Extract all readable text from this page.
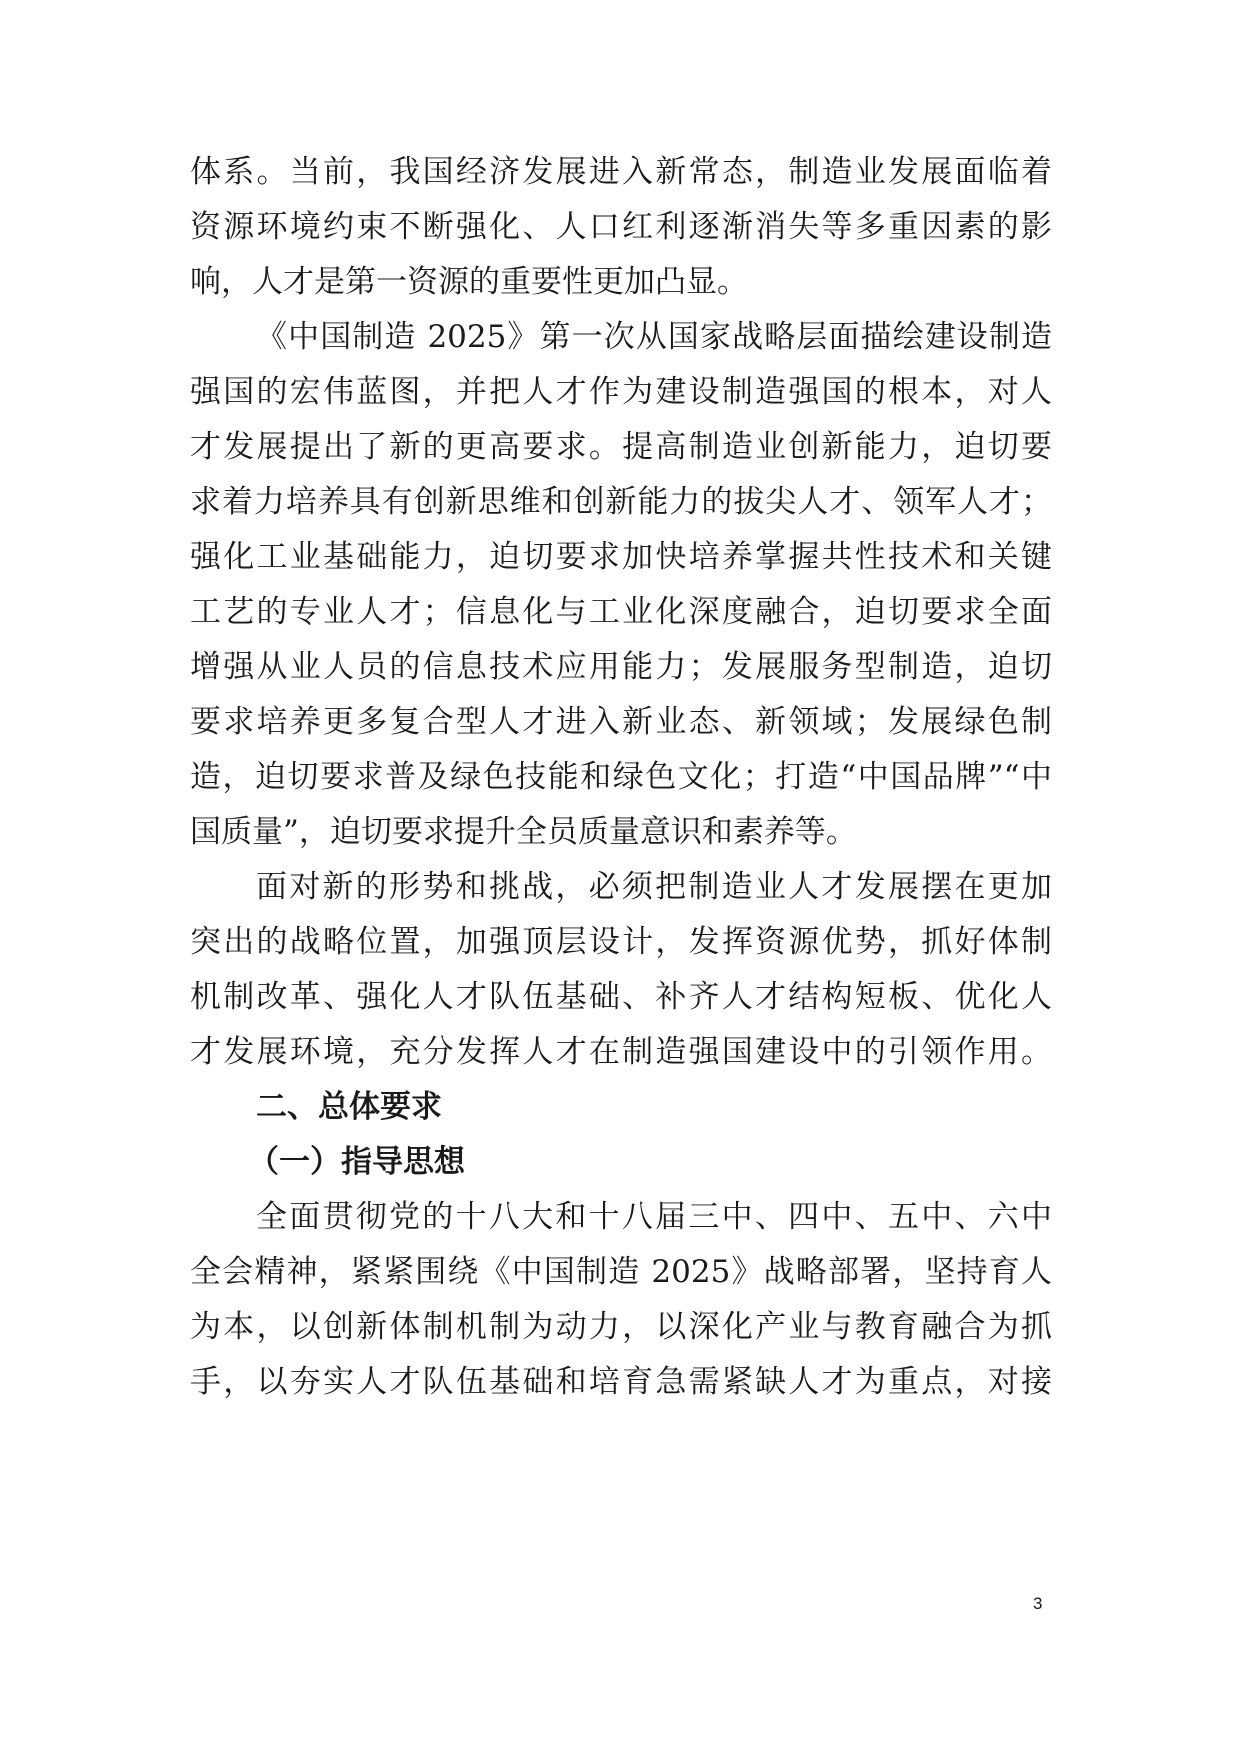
体系。当前，我国经济发展进入新常态，制造业发展面临着
资源环境约束不断强化、人口红利逐渐消失等多重因素的影
响，人才是第一资源的重要性更加凸显。
《中国制造 2025》第一次从国家战略层面描绘建设制造
强国的宏伟蓝图，并把人才作为建设制造强国的根本，对人
才发展提出了新的更高要求。提高制造业创新能力，迫切要
求着力培养具有创新思维和创新能力的拔尖人才、领军人才；
强化工业基础能力，迫切要求加快培养掌握共性技术和关键
工艺的专业人才；信息化与工业化深度融合，迫切要求全面
增强从业人员的信息技术应用能力；发展服务型制造，迫切
要求培养更多复合型人才进入新业态、新领域；发展绿色制
造，迫切要求普及绿色技能和绿色文化；打造“中国品牌”“中
国质量”，迫切要求提升全员质量意识和素养等。
面对新的形势和挑战，必须把制造业人才发展摆在更加
突出的战略位置，加强顶层设计，发挥资源优势，抓好体制
机制改革、强化人才队伍基础、补齐人才结构短板、优化人
才发展环境，充分发挥人才在制造强国建设中的引领作用。
二、总体要求
（一）指导思想
全面贯彻党的十八大和十八届三中、四中、五中、六中
全会精神，紧紧围绕《中国制造 2025》战略部署，坚持育人
为本，以创新体制机制为动力，以深化产业与教育融合为抓
手，以夯实人才队伍基础和培育急需紧缺人才为重点，对接
3
